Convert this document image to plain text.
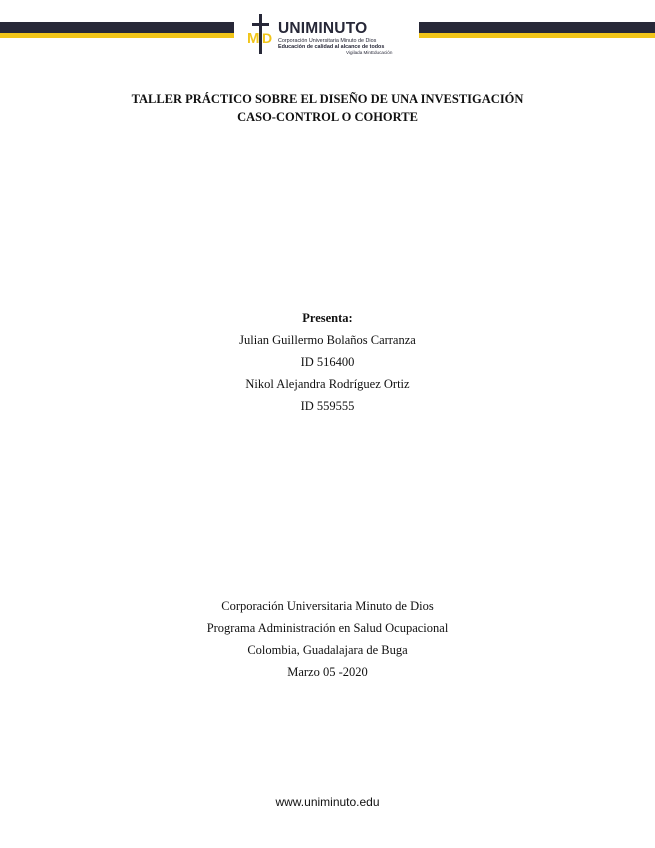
M D
UNIMINUTO
Corporación Universitaria Minuto de Dios
Educación de calidad al alcance de todos
Vigilada MinEducación
TALLER PRÁCTICO SOBRE EL DISEÑO DE UNA INVESTIGACIÓN
CASO-CONTROL O COHORTE
Presenta:
Julian Guillermo Bolaños Carranza
ID 516400
Nikol Alejandra Rodríguez Ortiz
ID 559555
Corporación Universitaria Minuto de Dios
Programa Administración en Salud Ocupacional
Colombia, Guadalajara de Buga
Marzo 05 -2020
www.uniminuto.edu
